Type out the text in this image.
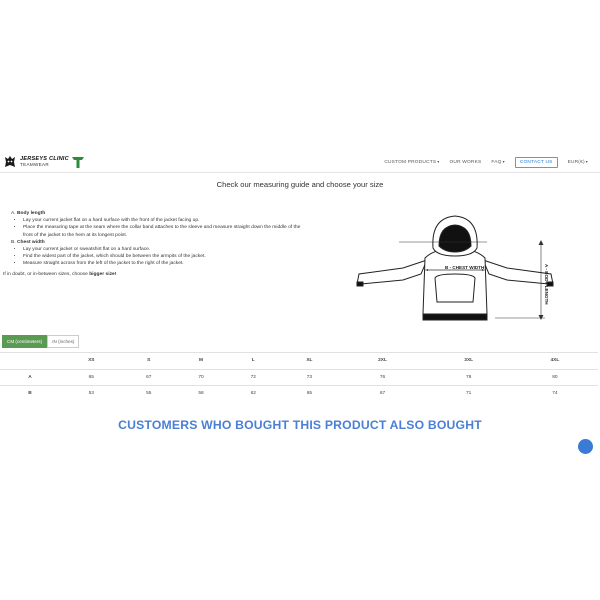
JERSEYS CLINIC
TEAMWEAR	CUSTOM PRODUCTS▾ OUR WORKS FAQ▾	CONTACT US	EUR(€)▾
Check our measuring guide and choose your size
A. Body length
• Lay your current jacket flat on a hard surface with the front of the jacket facing up.
• Place the measuring tape at the seam where the collar band attaches to the sleeve and measure straight down the middle of the front of the jacket to the hem at its longest point.
B. Chest width
• Lay your current jacket or sweatshirt flat on a hard surface.
• Find the widest part of the jacket, which should be between the armpits of the jacket.
• Measure straight across from the left of the jacket to the right of the jacket.
If in doubt, or in-between sizes, choose bigger size!
B - CHEST WIDTH	A - BODY LENGTH
CM (centimeters)	IN (inches)
	XS	S	M	L	XL	2XL	3XL	4XL
A	65	67	70	72	73	76	78	80
B	53	55	58	62	65	67	71	74
CUSTOMERS WHO BOUGHT THIS PRODUCT ALSO BOUGHT
